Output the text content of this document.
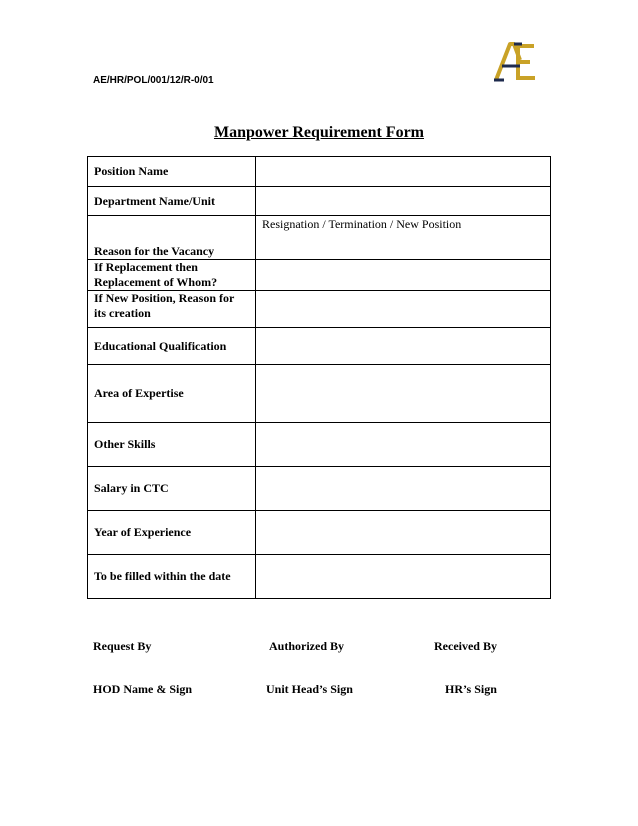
AE/HR/POL/001/12/R-0/01
Manpower Requirement Form
Position Name	
Department Name/Unit	
Reason for the Vacancy	Resignation / Termination / New Position
If Replacement then Replacement of Whom?	
If New Position, Reason for its creation	
Educational Qualification	
Area of Expertise	
Other Skills	
Salary in CTC	
Year of Experience	
To be filled within the date	
Request By	Authorized By	Received By
HOD Name & Sign	Unit Head’s Sign	HR’s Sign
